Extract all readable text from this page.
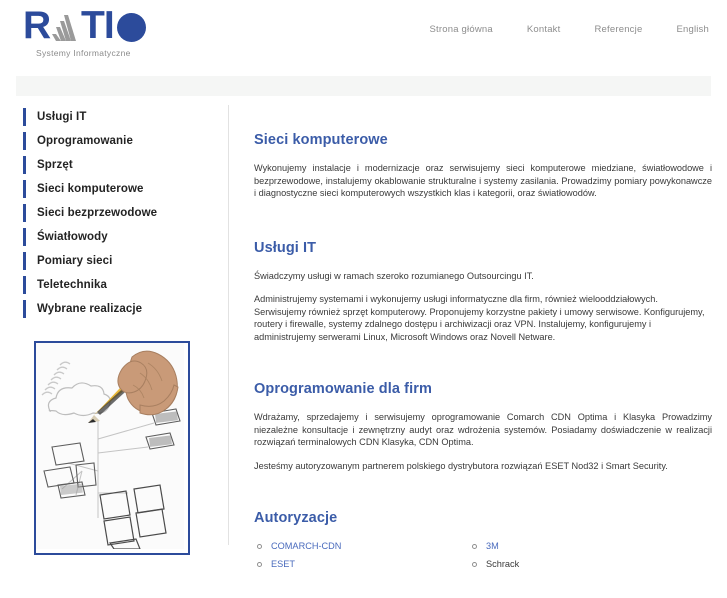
R TI
Systemy Informatyczne
Strona główna	Kontakt	Referencje	English
Usługi IT
Oprogramowanie
Sprzęt
Sieci komputerowe
Sieci bezprzewodowe
Światłowody
Pomiary sieci
Teletechnika
Wybrane realizacje
Sieci komputerowe

Wykonujemy instalacje i modernizacje oraz serwisujemy sieci komputerowe miedziane, światłowodowe i bezprzewodowe, instalujemy okablowanie strukturalne i systemy zasilania. Prowadzimy pomiary powykonawcze i diagnostyczne sieci komputerowych wszystkich klas i kategorii, oraz światłowodów.

Usługi IT

Świadczymy usługi w ramach szeroko rozumianego Outsourcingu IT.

Administrujemy systemami i wykonujemy usługi informatyczne dla firm, również wielooddziałowych. Serwisujemy również sprzęt komputerowy. Proponujemy korzystne pakiety i umowy serwisowe. Konfigurujemy, routery i firewalle, systemy zdalnego dostępu i archiwizacji oraz VPN. Instalujemy, konfigurujemy i administrujemy serwerami Linux, Microsoft Windows oraz Novell Netware.

Oprogramowanie dla firm

Wdrażamy, sprzedajemy i serwisujemy oprogramowanie Comarch CDN Optima i Klasyka Prowadzimy niezależne konsultacje i zewnętrzny audyt oraz wdrożenia systemów. Posiadamy doświadczenie w realizacji rozwiązań terminalowych CDN Klasyka, CDN Optima.

Jesteśmy autoryzowanym partnerem polskiego dystrybutora rozwiązań ESET Nod32 i Smart Security.

Autoryzacje
COMARCH-CDN
ESET
3M
Schrack
